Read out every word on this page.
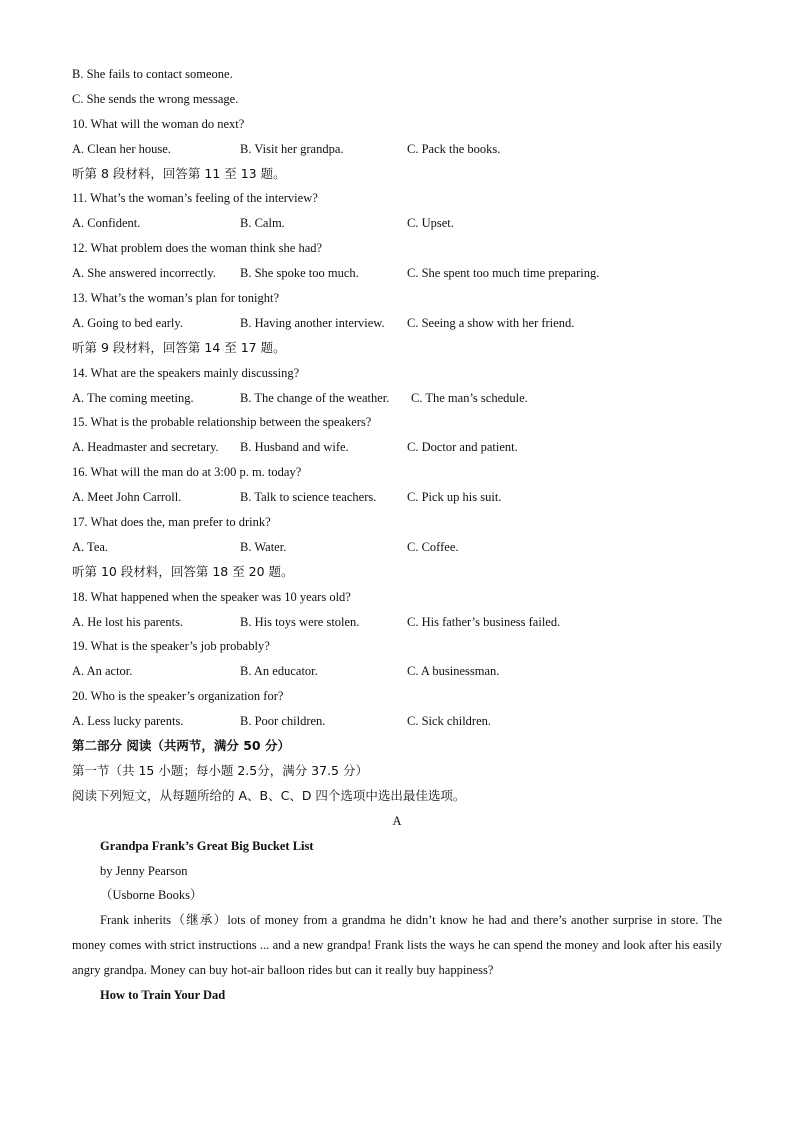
B. She fails to contact someone.
C. She sends the wrong message.
10. What will the woman do next?
A. Clean her house.	B. Visit her grandpa.	C. Pack the books.
听第 8 段材料，回答第 11 至 13 题。
11. What’s the woman’s feeling of the interview?
A. Confident.	B. Calm.	C. Upset.
12. What problem does the woman think she had?
A. She answered incorrectly. B. She spoke too much.	C. She spent too much time preparing.
13. What’s the woman’s plan for tonight?
A. Going to bed early.	B. Having another interview. C. Seeing a show with her friend.
听第 9 段材料，回答第 14 至 17 题。
14. What are the speakers mainly discussing?
A. The coming meeting.	B. The change of the weather. C. The man’s schedule.
15. What is the probable relationship between the speakers?
A. Headmaster and secretary. B. Husband and wife.	C. Doctor and patient.
16. What will the man do at 3:00 p. m. today?
A. Meet John Carroll.	B. Talk to science teachers. C. Pick up his suit.
17. What does the, man prefer to drink?
A. Tea.	B. Water.	C. Coffee.
听第 10 段材料，回答第 18 至 20 题。
18. What happened when the speaker was 10 years old?
A. He lost his parents.	B. His toys were stolen.	C. His father’s business failed.
19. What is the speaker’s job probably?
A. An actor.	B. An educator.	C. A businessman.
20. Who is the speaker’s organization for?
A. Less lucky parents.	B. Poor children.	C. Sick children.
第二部分 阅读（共两节，满分 50 分）
第一节（共 15 小题；每小题 2.5分，满分 37.5 分）
阅读下列短文，从每题所给的 A、B、C、D 四个选项中选出最佳选项。
A
Grandpa Frank’s Great Big Bucket List
by Jenny Pearson
（Usborne Books）
Frank inherits（继承）lots of money from a grandma he didn’t know he had and there’s another surprise in store. The money comes with strict instructions ... and a new grandpa! Frank lists the ways he can spend the money and look after his easily angry grandpa. Money can buy hot-air balloon rides but can it really buy happiness?
How to Train Your Dad
